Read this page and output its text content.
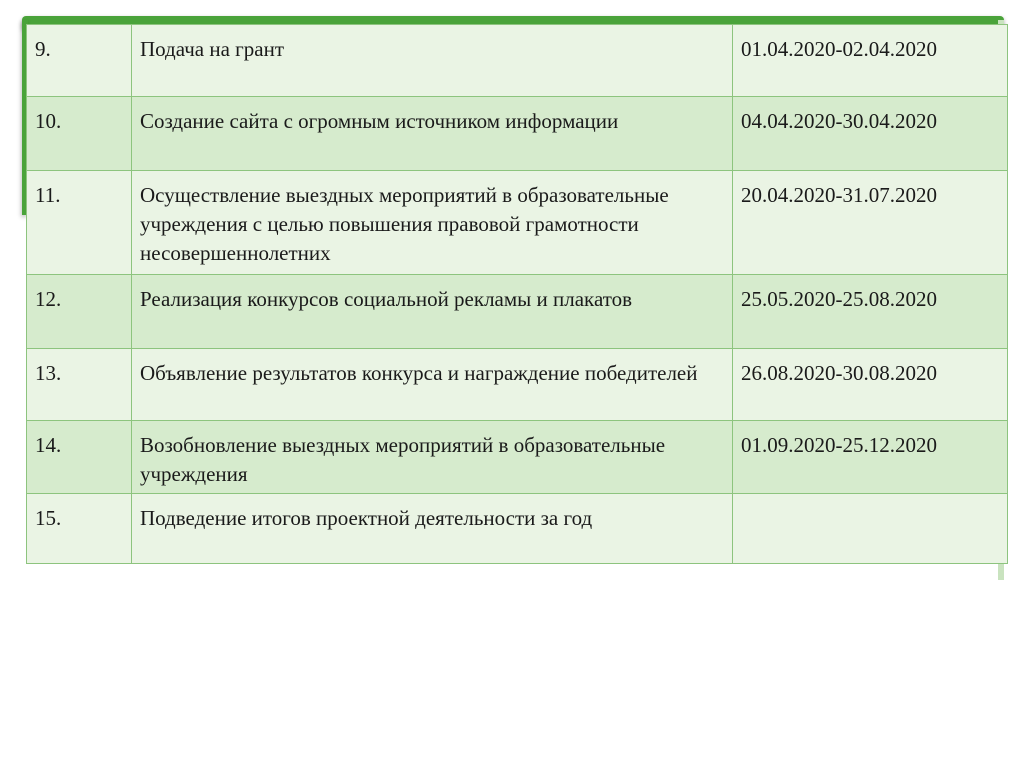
9.	Подача на грант	01.04.2020-02.04.2020
10.	Создание сайта с огромным источником информации	04.04.2020-30.04.2020
11.	Осуществление выездных мероприятий в образовательные учреждения с целью повышения правовой грамотности несовершеннолетних	20.04.2020-31.07.2020
12.	Реализация конкурсов социальной рекламы и плакатов	25.05.2020-25.08.2020
13.	Объявление результатов конкурса и награждение победителей	26.08.2020-30.08.2020
14.	Возобновление выездных мероприятий в образовательные учреждения	01.09.2020-25.12.2020
15.	Подведение итогов проектной деятельности за год	
